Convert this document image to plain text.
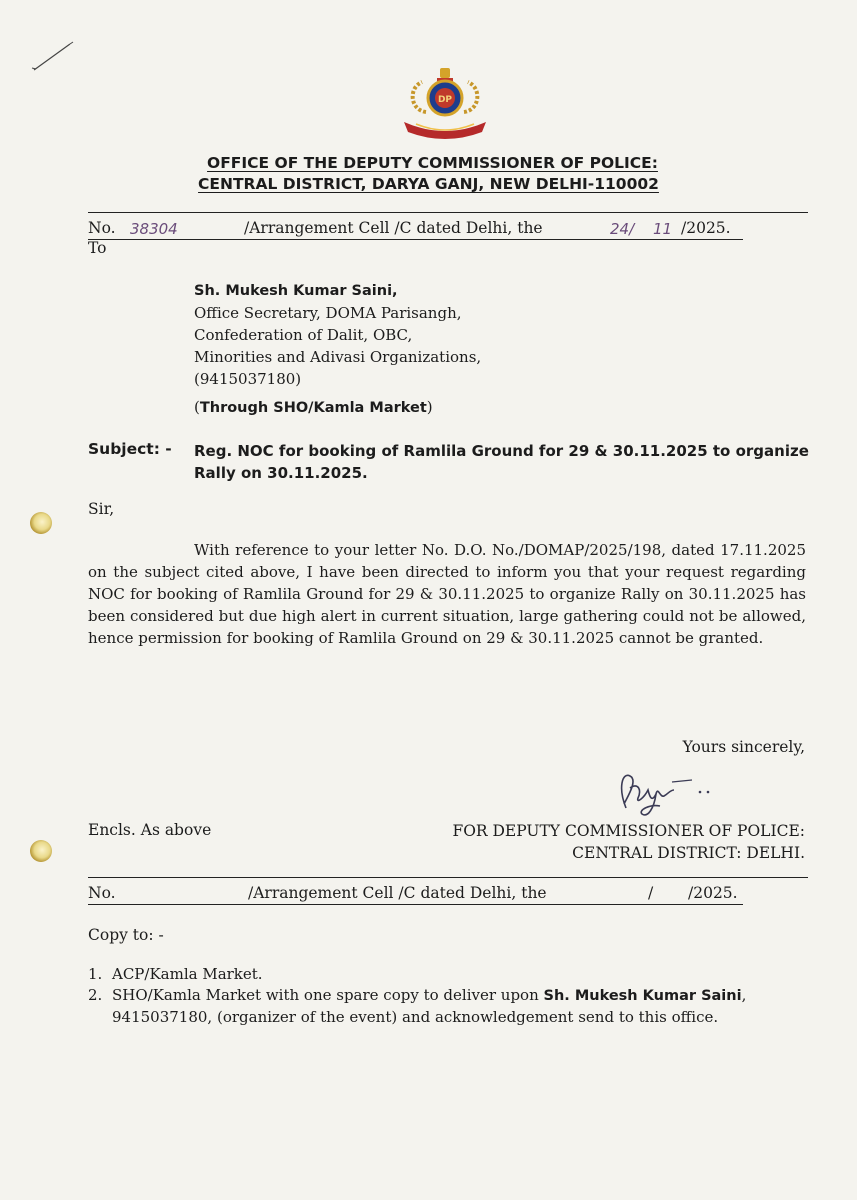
DP
OFFICE OF THE DEPUTY COMMISSIONER OF POLICE:
CENTRAL DISTRICT, DARYA GANJ, NEW DELHI-110002
No. 38304	/Arrangement Cell /C dated Delhi, the	24/ 11 /2025.
To
Sh. Mukesh Kumar Saini,
Office Secretary, DOMA Parisangh,
Confederation of Dalit, OBC,
Minorities and Adivasi Organizations,
(9415037180)
(Through SHO/Kamla Market)
Subject: - Reg. NOC for booking of Ramlila Ground for 29 & 30.11.2025 to organize Rally on 30.11.2025.
Sir,
With reference to your letter No. D.O. No./DOMAP/2025/198, dated 17.11.2025 on the subject cited above, I have been directed to inform you that your request regarding NOC for booking of Ramlila Ground for 29 & 30.11.2025 to organize Rally on 30.11.2025 has been considered but due high alert in current situation, large gathering could not be allowed, hence permission for booking of Ramlila Ground on 29 & 30.11.2025 cannot be granted.
Yours sincerely,
Encls. As above	FOR DEPUTY COMMISSIONER OF POLICE:
CENTRAL DISTRICT: DELHI.
No.	/Arrangement Cell /C dated Delhi, the	/ /2025.
Copy to: -
1. ACP/Kamla Market.
2. SHO/Kamla Market with one spare copy to deliver upon Sh. Mukesh Kumar Saini, 9415037180, (organizer of the event) and acknowledgement send to this office.
